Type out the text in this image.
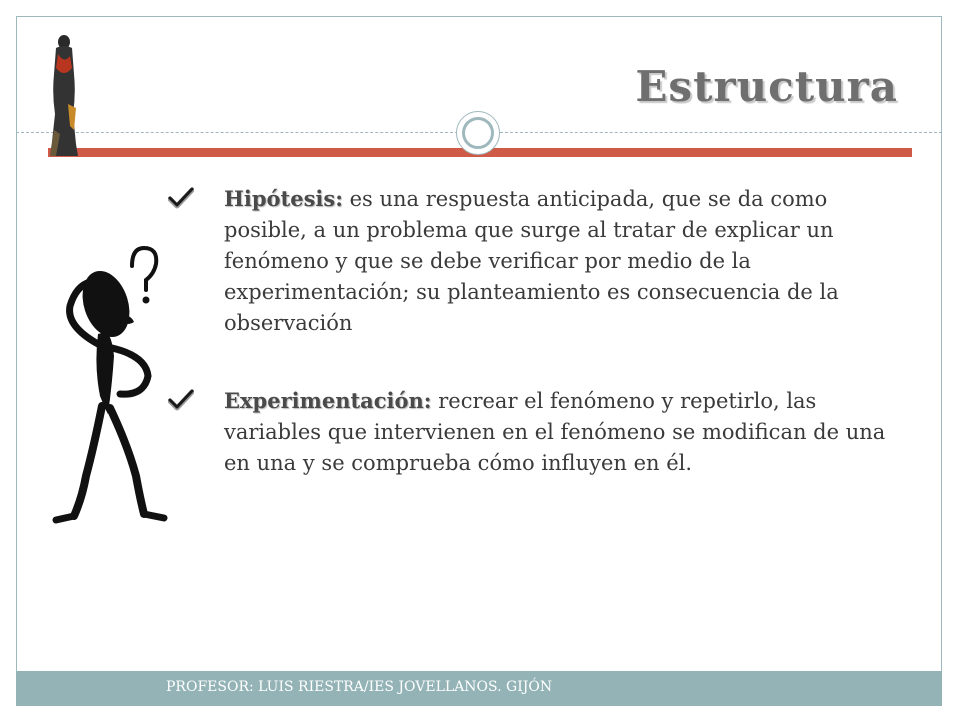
Estructura

Hipótesis: es una respuesta anticipada, que se da como posible, a un problema que surge al tratar de explicar un fenómeno y que se debe verificar por medio de la experimentación; su planteamiento es consecuencia de la observación

Experimentación: recrear el fenómeno y repetirlo, las variables que intervienen en el fenómeno se modifican de una en una y se comprueba cómo influyen en él.

PROFESOR: LUIS RIESTRA/IES JOVELLANOS. GIJÓN
